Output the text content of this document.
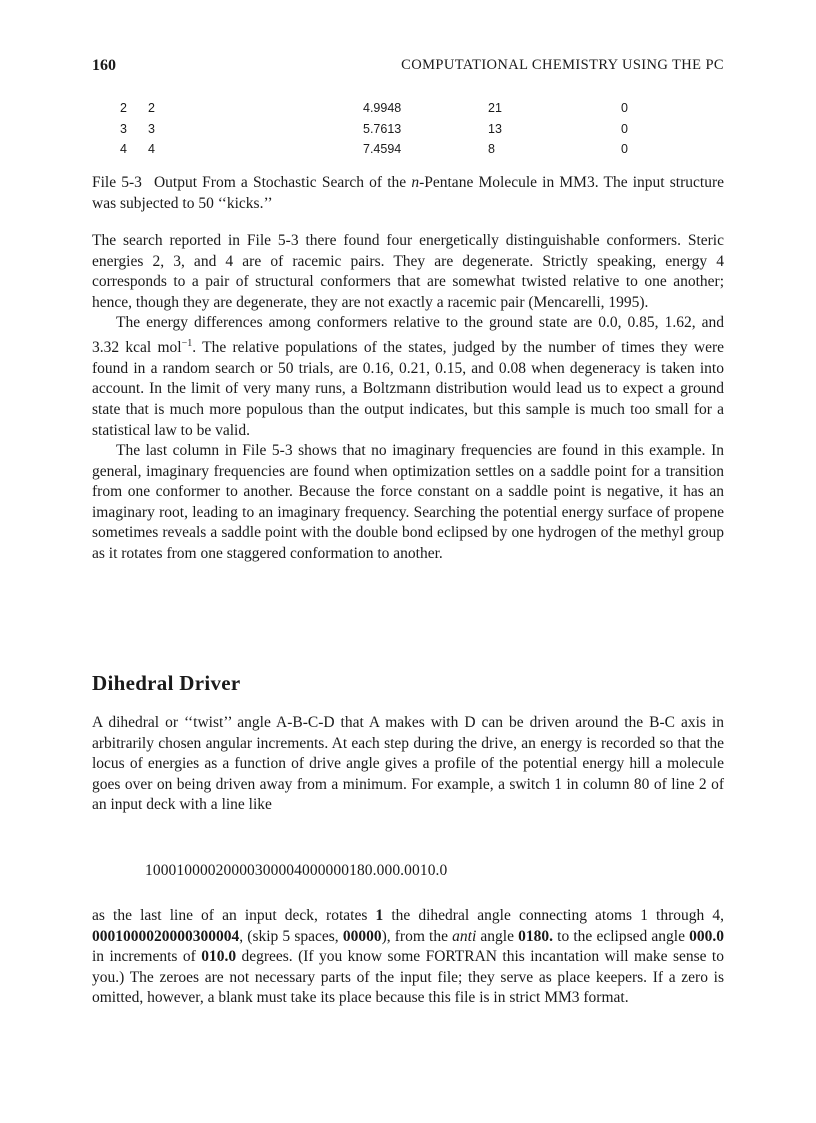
160	COMPUTATIONAL CHEMISTRY USING THE PC
2	2	4.9948	21	0
3	3	5.7613	13	0
4	4	7.4594	8	0
File 5-3 Output From a Stochastic Search of the n-Pentane Molecule in MM3. The input structure was subjected to 50 ‘‘kicks.’’

The search reported in File 5-3 there found four energetically distinguishable conformers. Steric energies 2, 3, and 4 are of racemic pairs. They are degenerate. Strictly speaking, energy 4 corresponds to a pair of structural conformers that are somewhat twisted relative to one another; hence, though they are degenerate, they are not exactly a racemic pair (Mencarelli, 1995).

The energy differences among conformers relative to the ground state are 0.0, 0.85, 1.62, and 3.32 kcal mol$^{-1}$. The relative populations of the states, judged by the number of times they were found in a random search or 50 trials, are 0.16, 0.21, 0.15, and 0.08 when degeneracy is taken into account. In the limit of very many runs, a Boltzmann distribution would lead us to expect a ground state that is much more populous than the output indicates, but this sample is much too small for a statistical law to be valid.

The last column in File 5-3 shows that no imaginary frequencies are found in this example. In general, imaginary frequencies are found when optimization settles on a saddle point for a transition from one conformer to another. Because the force constant on a saddle point is negative, it has an imaginary root, leading to an imaginary frequency. Searching the potential energy surface of propene sometimes reveals a saddle point with the double bond eclipsed by one hydrogen of the methyl group as it rotates from one staggered conformation to another.

Dihedral Driver

A dihedral or ‘‘twist’’ angle A-B-C-D that A makes with D can be driven around the B-C axis in arbitrarily chosen angular increments. At each step during the drive, an energy is recorded so that the locus of energies as a function of drive angle gives a profile of the potential energy hill a molecule goes over on being driven away from a minimum. For example, a switch 1 in column 80 of line 2 of an input deck with a line like

10001000020000300004000000180.000.0010.0

as the last line of an input deck, rotates 1 the dihedral angle connecting atoms 1 through 4, 0001000020000300004, (skip 5 spaces, 00000), from the anti angle 0180. to the eclipsed angle 000.0 in increments of 010.0 degrees. (If you know some FORTRAN this incantation will make sense to you.) The zeroes are not necessary parts of the input file; they serve as place keepers. If a zero is omitted, however, a blank must take its place because this file is in strict MM3 format.
